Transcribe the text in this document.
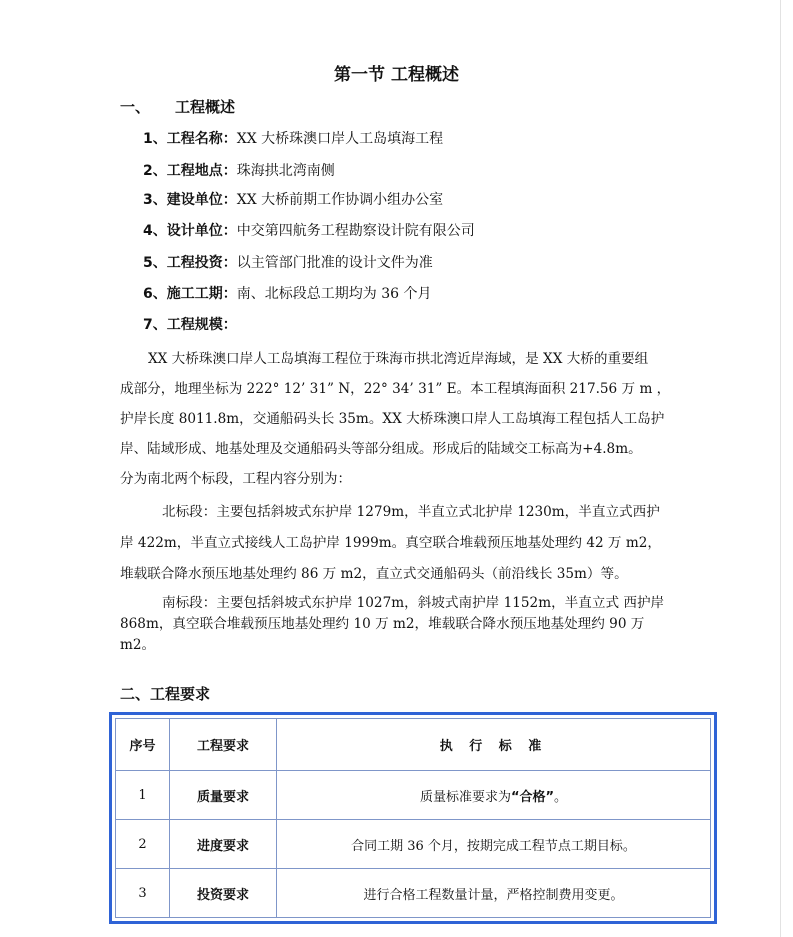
第一节 工程概述
一、 工程概述
1、工程名称：XX 大桥珠澳口岸人工岛填海工程
2、工程地点：珠海拱北湾南侧
3、建设单位：XX 大桥前期工作协调小组办公室
4、设计单位：中交第四航务工程勘察设计院有限公司
5、工程投资：以主管部门批准的设计文件为准
6、施工工期：南、北标段总工期均为 36 个月
7、工程规模：
XX 大桥珠澳口岸人工岛填海工程位于珠海市拱北湾近岸海域，是 XX 大桥的重要组
成部分，地理坐标为 222° 12’ 31” N，22° 34’ 31” E。本工程填海面积 217.56 万 m ，
护岸长度 8011.8m，交通船码头长 35m。XX 大桥珠澳口岸人工岛填海工程包括人工岛护
岸、陆域形成、地基处理及交通船码头等部分组成。形成后的陆域交工标高为+4.8m。
分为南北两个标段，工程内容分别为：
北标段：主要包括斜坡式东护岸 1279m，半直立式北护岸 1230m，半直立式西护
岸 422m，半直立式接线人工岛护岸 1999m。真空联合堆载预压地基处理约 42 万 m2，
堆载联合降水预压地基处理约 86 万 m2，直立式交通船码头（前沿线长 35m）等。
南标段：主要包括斜坡式东护岸 1027m，斜坡式南护岸 1152m，半直立式 西护岸
868m，真空联合堆载预压地基处理约 10 万 m2，堆载联合降水预压地基处理约 90 万
m2。
二、工程要求
序号	工程要求	执 行 标 准
1	质量要求	质量标准要求为“合格”。
2	进度要求	合同工期 36 个月，按期完成工程节点工期目标。
3	投资要求	进行合格工程数量计量，严格控制费用变更。
